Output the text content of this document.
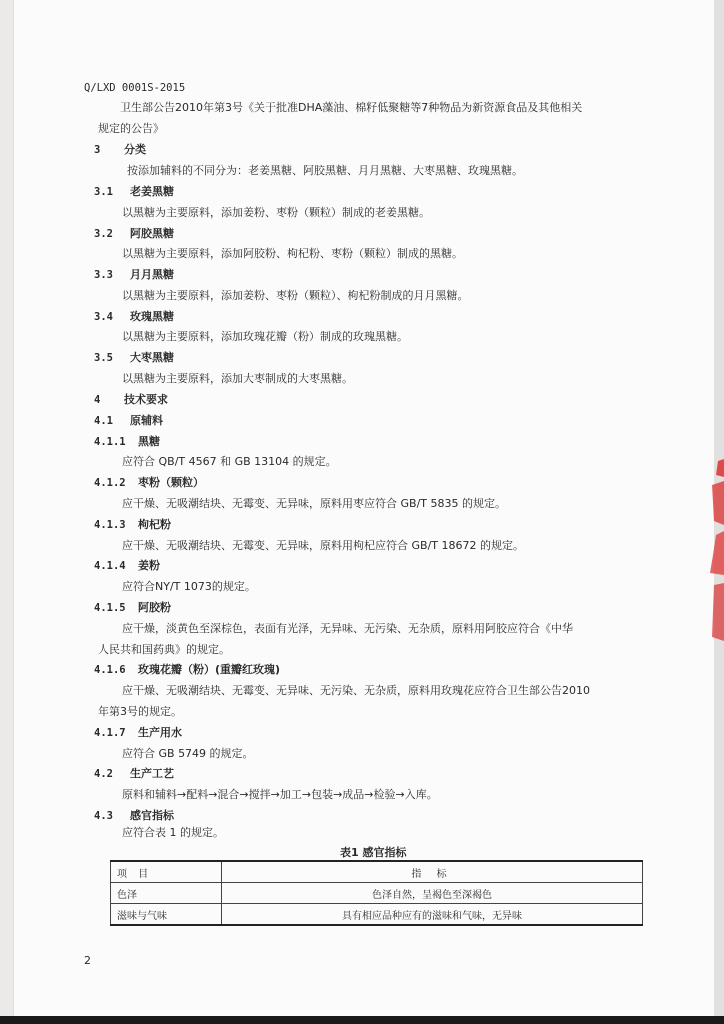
Q/LXD 0001S-2015
卫生部公告2010年第3号《关于批准DHA藻油、棉籽低聚糖等7种物品为新资源食品及其他相关
规定的公告》
3 分类
按添加辅料的不同分为：老姜黑糖、阿胶黑糖、月月黑糖、大枣黑糖、玫瑰黑糖。
3.1 老姜黑糖
以黑糖为主要原料，添加姜粉、枣粉（颗粒）制成的老姜黑糖。
3.2 阿胶黑糖
以黑糖为主要原料，添加阿胶粉、枸杞粉、枣粉（颗粒）制成的黑糖。
3.3 月月黑糖
以黑糖为主要原料，添加姜粉、枣粉（颗粒）、枸杞粉制成的月月黑糖。
3.4 玫瑰黑糖
以黑糖为主要原料，添加玫瑰花瓣（粉）制成的玫瑰黑糖。
3.5 大枣黑糖
以黑糖为主要原料，添加大枣制成的大枣黑糖。
4 技术要求
4.1 原辅料
4.1.1 黑糖
应符合 QB/T 4567 和 GB 13104 的规定。
4.1.2 枣粉（颗粒）
应干燥、无吸潮结块、无霉变、无异味，原料用枣应符合 GB/T 5835 的规定。
4.1.3 枸杞粉
应干燥、无吸潮结块、无霉变、无异味，原料用枸杞应符合 GB/T 18672 的规定。
4.1.4 姜粉
应符合NY/T 1073的规定。
4.1.5 阿胶粉
应干燥，淡黄色至深棕色，表面有光泽，无异味、无污染、无杂质，原料用阿胶应符合《中华
人民共和国药典》的规定。
4.1.6 玫瑰花瓣（粉）(重瓣红玫瑰)
应干燥、无吸潮结块、无霉变、无异味、无污染、无杂质，原料用玫瑰花应符合卫生部公告2010
年第3号的规定。
4.1.7 生产用水
应符合 GB 5749 的规定。
4.2 生产工艺
原料和辅料→配料→混合→搅拌→加工→包装→成品→检验→入库。
4.3 感官指标
应符合表 1 的规定。
表1 感官指标
项 目	指 标
色泽	色泽自然，呈褐色至深褐色
滋味与气味	具有相应品种应有的滋味和气味，无异味
2
